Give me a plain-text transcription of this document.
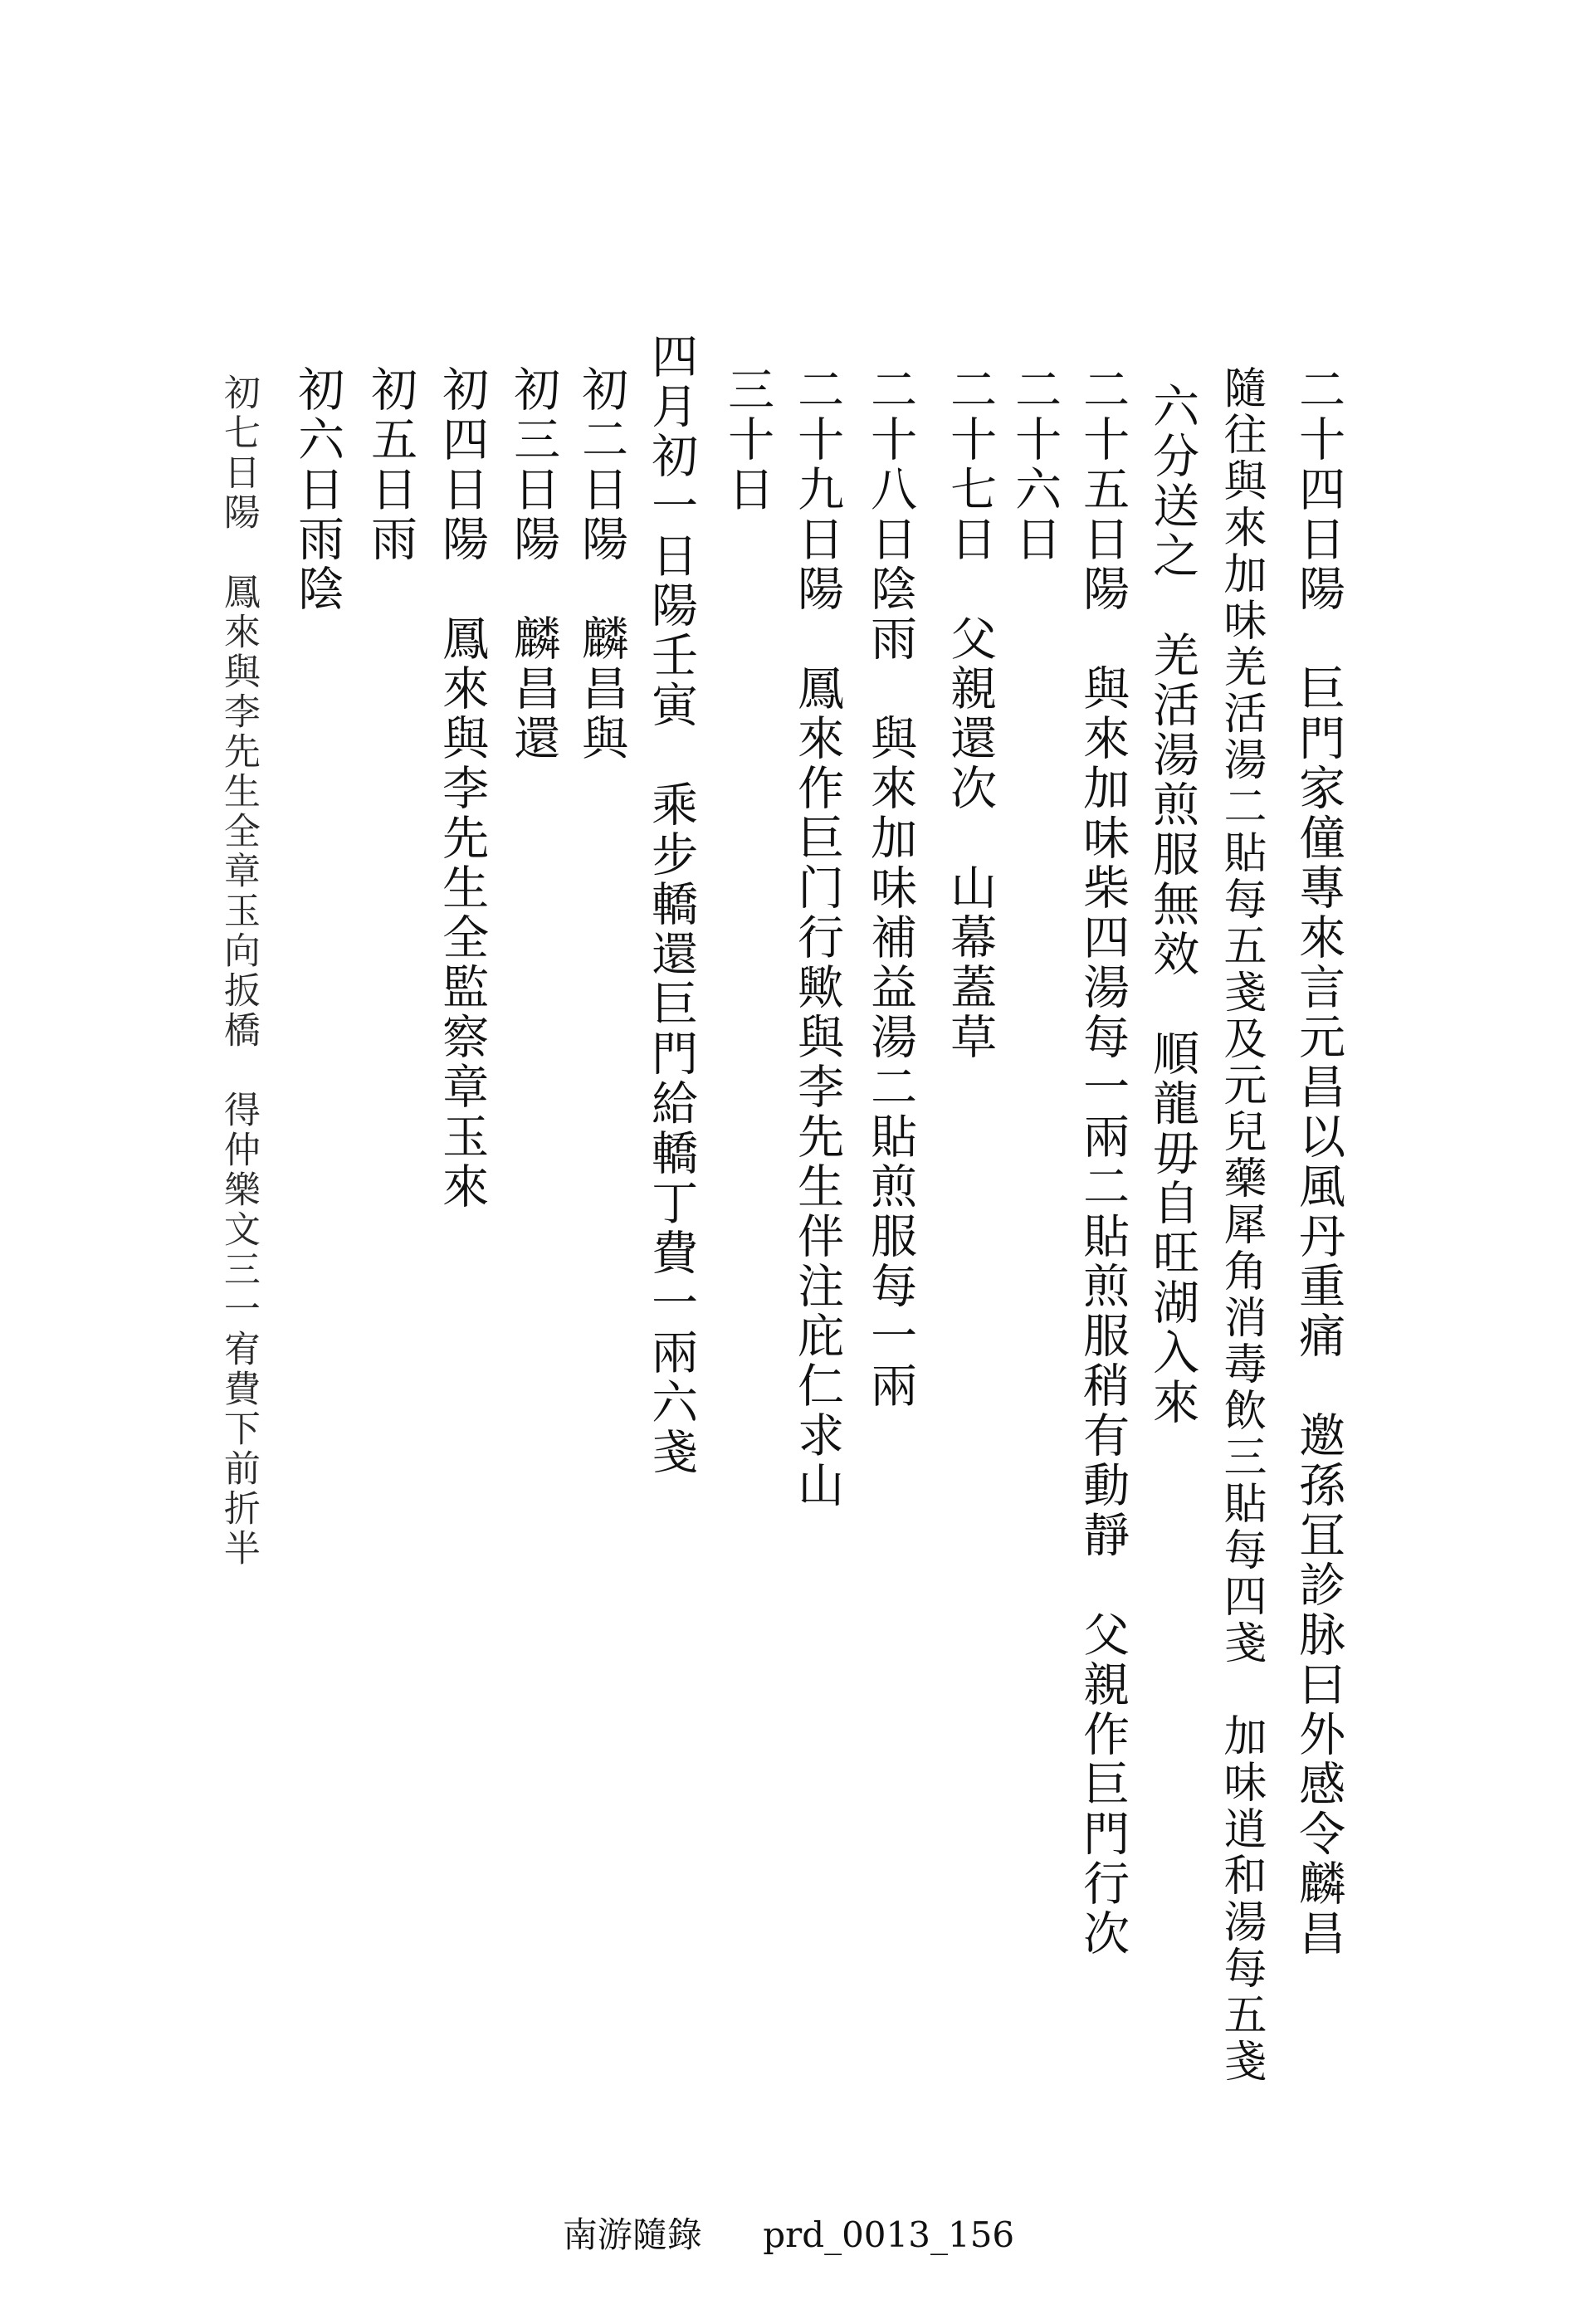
二十四日陽　巨門家僮專來言元昌以風丹重痛　邀孫冝診脉曰外感令麟昌
隨往與來加味羌活湯二貼每五戔及元兒藥犀角消毒飲三貼每四戔　加味逍和湯每五戔
六分送之　羌活湯煎服無效　順龍毋自旺湖入來
二十五日陽　與來加味柴四湯每一兩二貼煎服稍有動靜　父親作巨門行次
二十六日
二十七日　父親還次　山幕蓋草
二十八日陰雨　與來加味補益湯二貼煎服每一兩
二十九日陽　鳳來作巨门行歟與李先生伴注庇仁求山
三十日
四月初一日陽壬寅　乘步轎還巨門給轎丁費一兩六戔
初二日陽　麟昌與
初三日陽　麟昌還
初四日陽　鳳來與李先生全監察章玉來
初五日雨
初六日雨陰
初七日陽　鳳來與李先生全章玉向扳橋　得仲樂文三一宥費下前折半
南游隨錄 prd_0013_156
